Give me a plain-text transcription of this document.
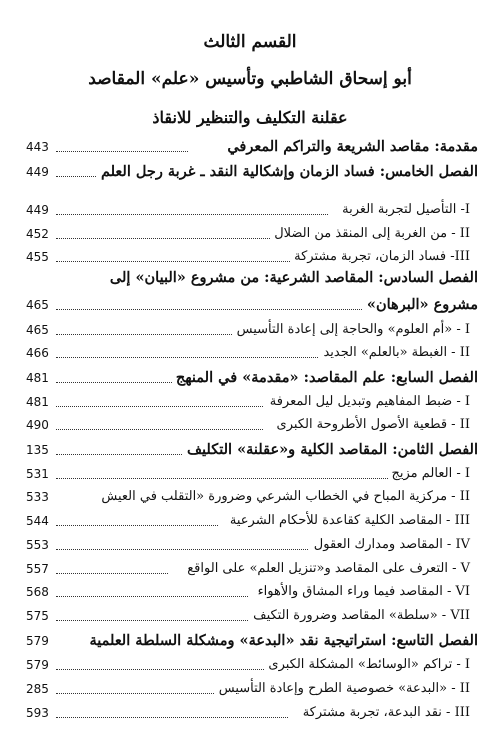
القسم الثالث
أبو إسحاق الشاطبي وتأسيس «علم» المقاصد
عقلنة التكليف والتنظير للانقاذ
مقدمة: مقاصد الشريعة والتراكم المعرفي
443
الفصل الخامس: فساد الزمان وإشكالية النقد ـ غربة رجل العلم
449
I- التأصيل لتجربة الغربة
449
II - من الغربة إلى المنقذ من الضلال
452
III- فساد الزمان، تجربة مشتركة
455
الفصل السادس: المقاصد الشرعية: من مشروع «البيان» إلى
مشروع «البرهان»
465
I - «أم العلوم» والحاجة إلى إعادة التأسيس
465
II - الغبطة «بالعلم» الجديد
466
الفصل السابع: علم المقاصد: «مقدمة» في المنهج
481
I - ضبط المفاهيم وتبديل ليل المعرفة
481
II - قطعية الأصول الأطروحة الكبرى
490
الفصل الثامن: المقاصد الكلية و«عقلنة» التكليف
135
I - العالم مزيج
531
II - مركزية المباح في الخطاب الشرعي وضرورة «التقلب في العيش
533
III - المقاصد الكلية كقاعدة للأحكام الشرعية
544
IV - المقاصد ومدارك العقول
553
V - التعرف على المقاصد و«تنزيل العلم» على الواقع
557
VI - المقاصد فيما وراء المشاق والأهواء
568
VII - «سلطة» المقاصد وضرورة التكيف
575
الفصل التاسع: استراتيجية نقد «البدعة» ومشكلة السلطة العلمية
579
I - تراكم «الوسائط» المشكلة الكبرى
579
II - «البدعة» خصوصية الطرح وإعادة التأسيس
285
III - نقد البدعة، تجربة مشتركة
593
